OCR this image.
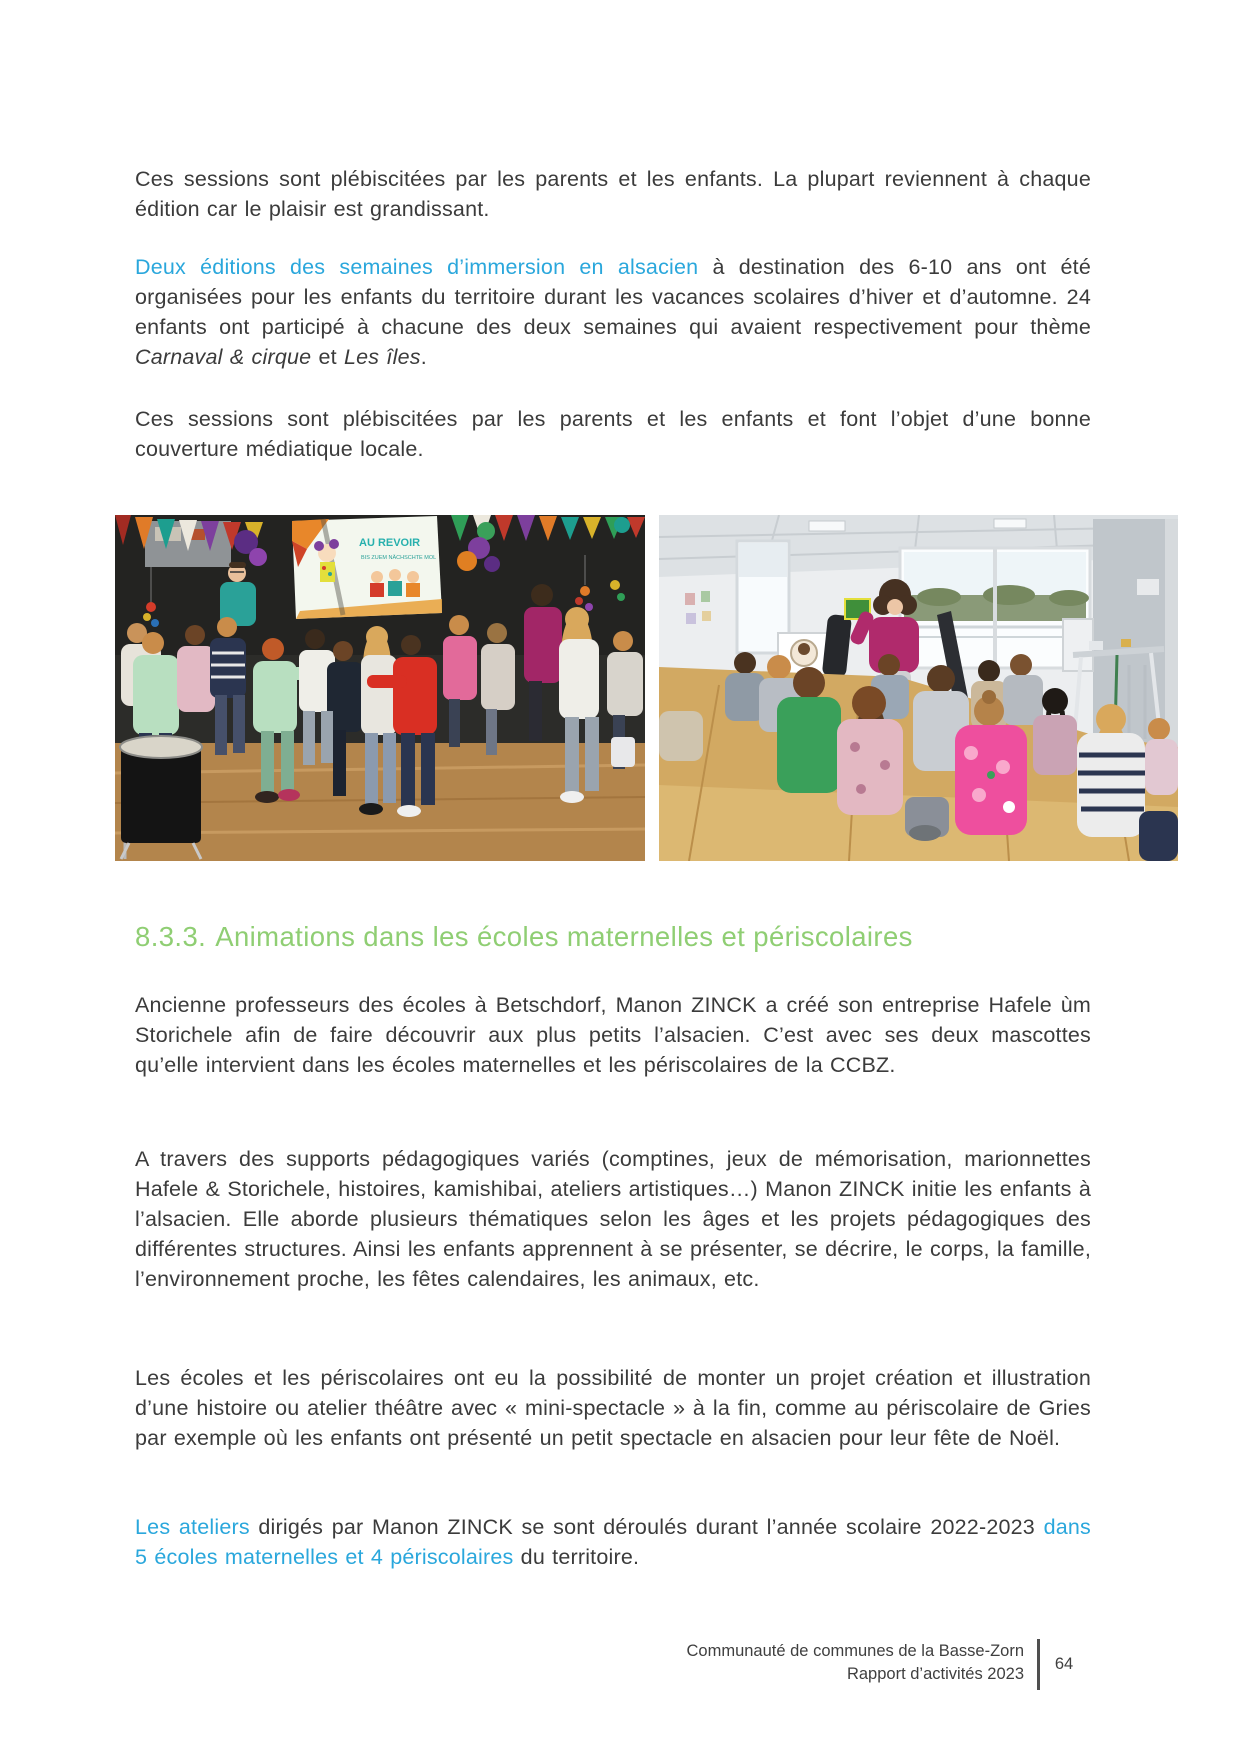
Ces sessions sont plébiscitées par les parents et les enfants. La plupart reviennent à chaque édition car le plaisir est grandissant.

Deux éditions des semaines d’immersion en alsacien à destination des 6-10 ans ont été organisées pour les enfants du territoire durant les vacances scolaires d’hiver et d’automne. 24 enfants ont participé à chacune des deux semaines qui avaient respectivement pour thème Carnaval & cirque et Les îles.

Ces sessions sont plébiscitées par les parents et les enfants et font l’objet d’une bonne couverture médiatique locale.

AU REVOIR
BIS ZUEM NÄCHSCHTE MOL
8.3.3. Animations dans les écoles maternelles et périscolaires

Ancienne professeurs des écoles à Betschdorf, Manon ZINCK a créé son entreprise Hafele ùm Storichele afin de faire découvrir aux plus petits l’alsacien. C’est avec ses deux mascottes qu’elle intervient dans les écoles maternelles et les périscolaires de la CCBZ.

A travers des supports pédagogiques variés (comptines, jeux de mémorisation, marionnettes Hafele & Storichele, histoires, kamishibai, ateliers artistiques…) Manon ZINCK initie les enfants à l’alsacien. Elle aborde plusieurs thématiques selon les âges et les projets pédagogiques des différentes structures. Ainsi les enfants apprennent à se présenter, se décrire, le corps, la famille, l’environnement proche, les fêtes calendaires, les animaux, etc.

Les écoles et les périscolaires ont eu la possibilité de monter un projet création et illustration d’une histoire ou atelier théâtre avec « mini-spectacle » à la fin, comme au périscolaire de Gries par exemple où les enfants ont présenté un petit spectacle en alsacien pour leur fête de Noël.

Les ateliers dirigés par Manon ZINCK se sont déroulés durant l’année scolaire 2022-2023 dans 5 écoles maternelles et 4 périscolaires du territoire.

Communauté de communes de la Basse-Zorn
Rapport d’activités 2023
64
